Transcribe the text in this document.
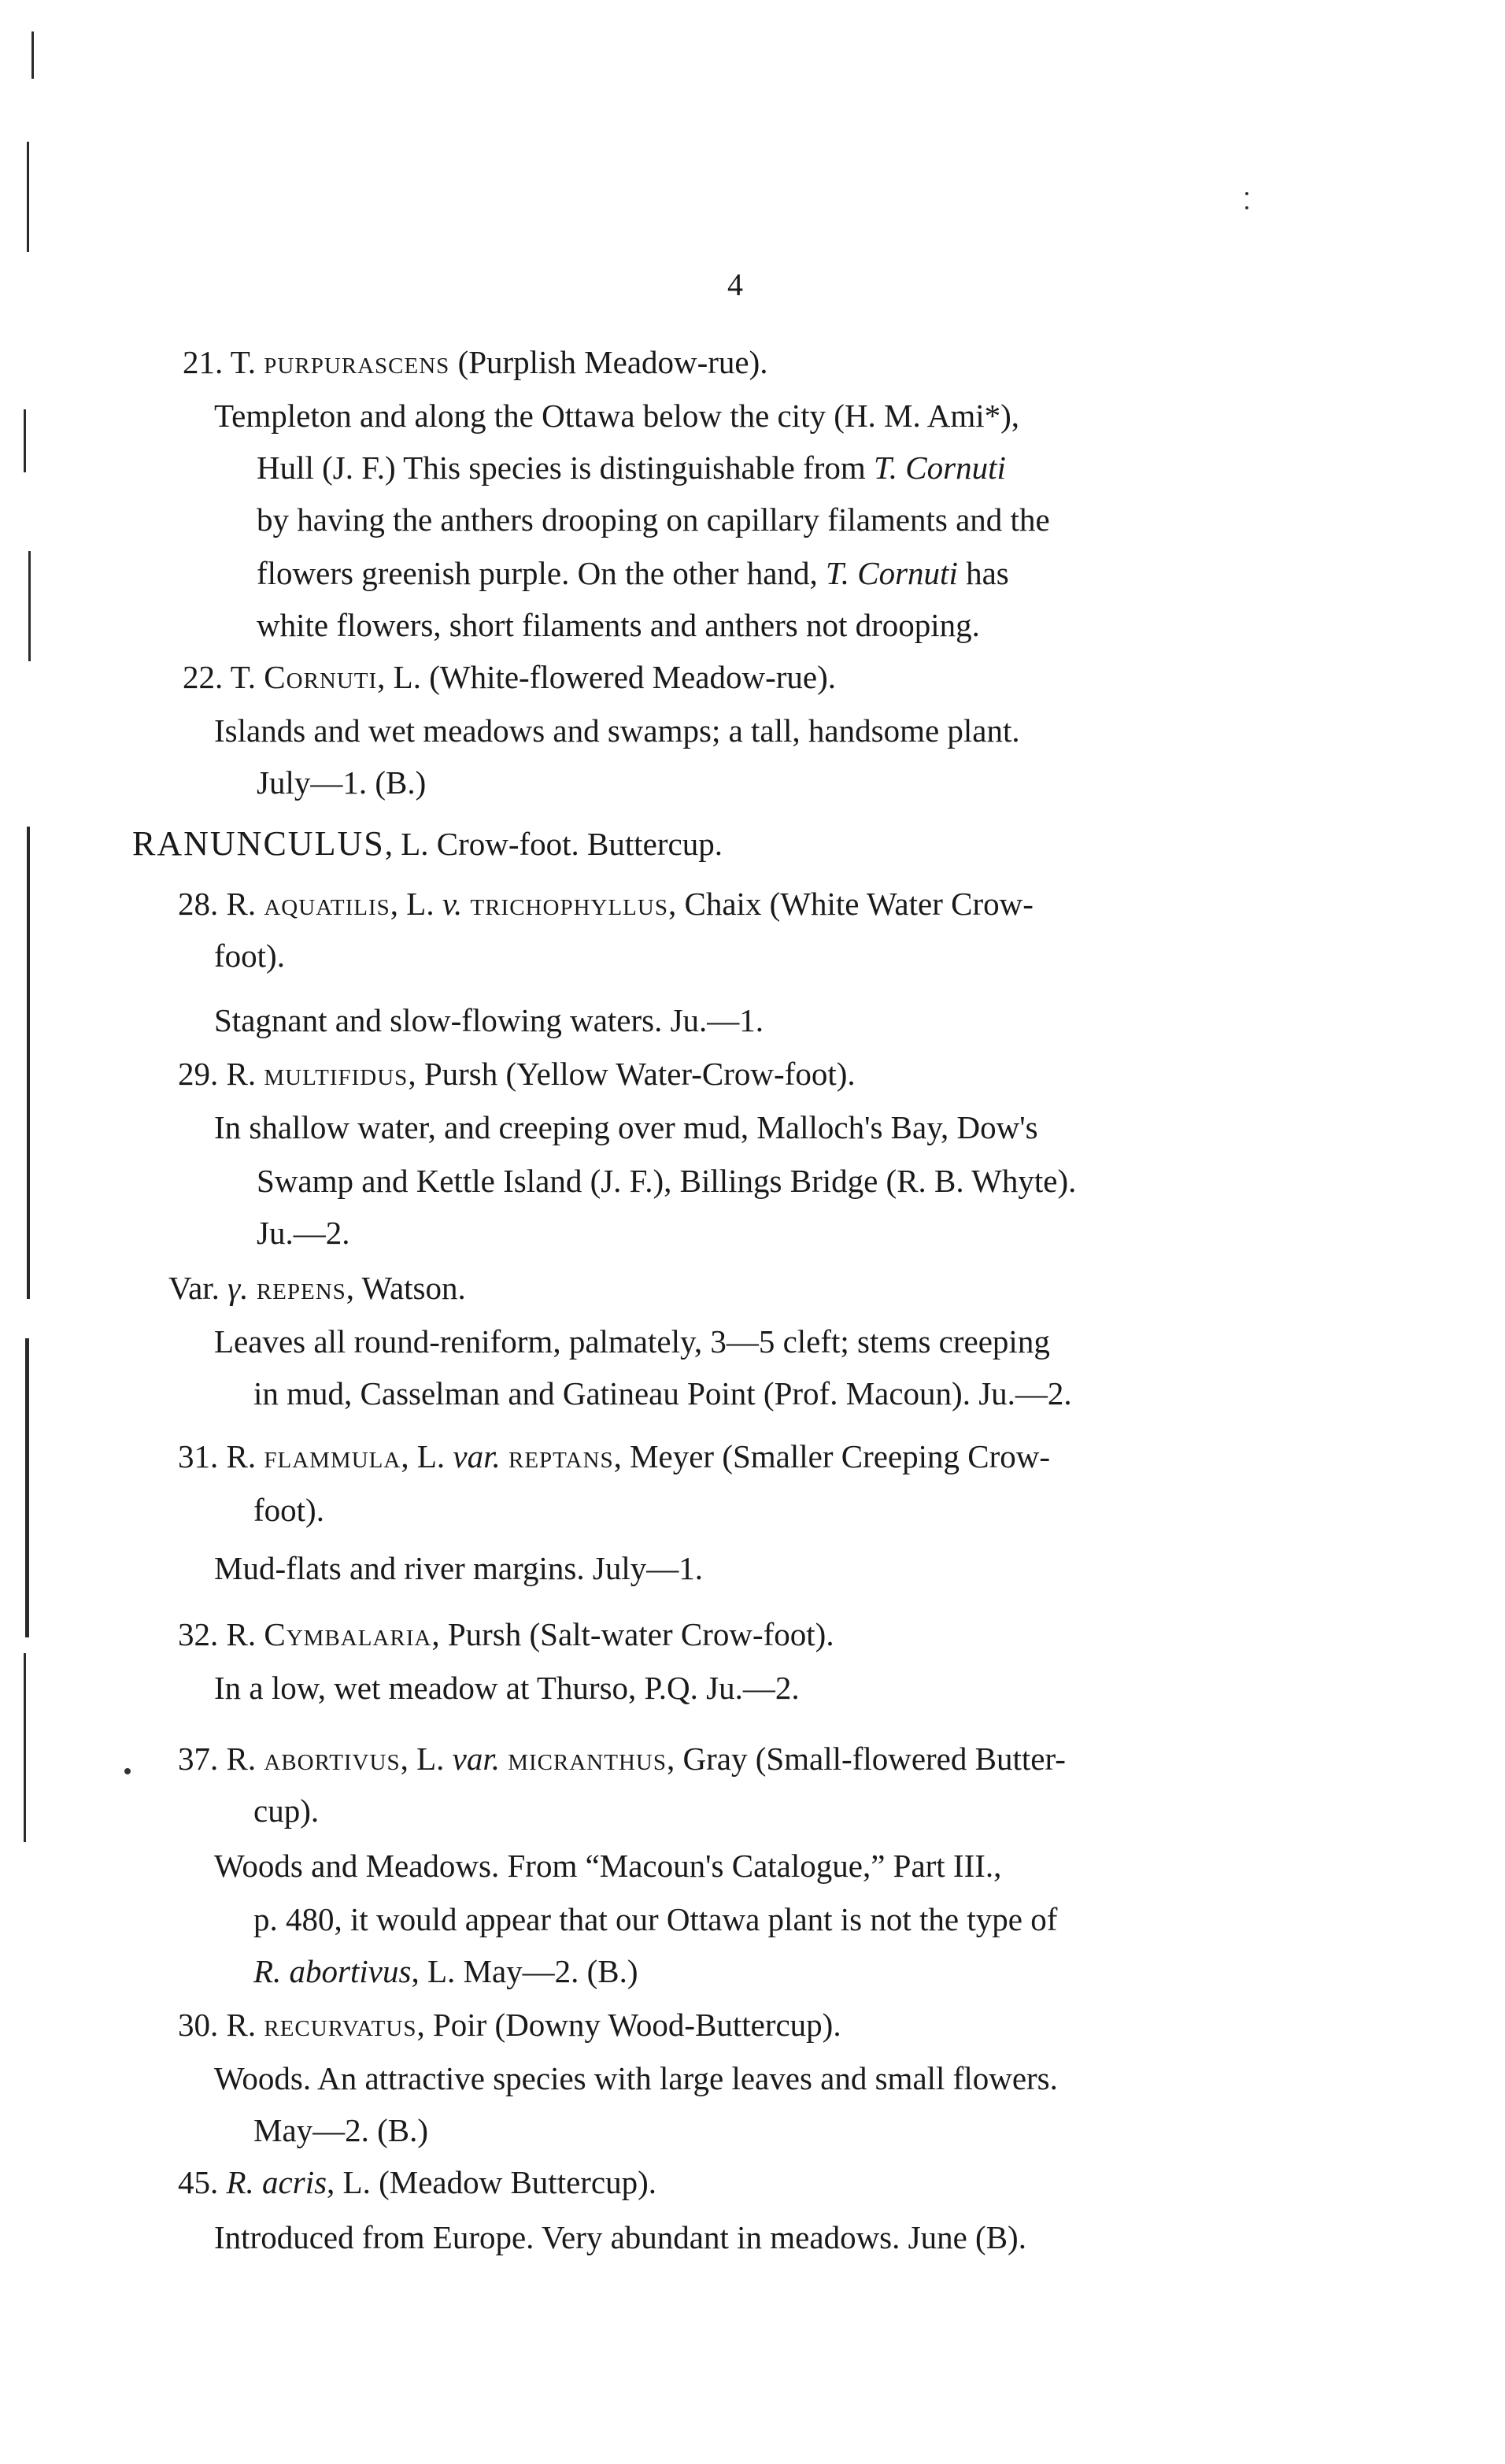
4
21. T. purpurascens (Purplish Meadow-rue).
Templeton and along the Ottawa below the city (H. M. Ami*),
Hull (J. F.) This species is distinguishable from T. Cornuti
by having the anthers drooping on capillary filaments and the
flowers greenish purple. On the other hand, T. Cornuti has
white flowers, short filaments and anthers not drooping.
22. T. Cornuti, L. (White-flowered Meadow-rue).
Islands and wet meadows and swamps; a tall, handsome plant.
July—1. (B.)
RANUNCULUS, L. Crow-foot. Buttercup.
28. R. aquatilis, L. v. trichophyllus, Chaix (White Water Crow-
foot).
Stagnant and slow-flowing waters. Ju.—1.
29. R. multifidus, Pursh (Yellow Water-Crow-foot).
In shallow water, and creeping over mud, Malloch's Bay, Dow's
Swamp and Kettle Island (J. F.), Billings Bridge (R. B. Whyte).
Ju.—2.
Var. γ. repens, Watson.
Leaves all round-reniform, palmately, 3—5 cleft; stems creeping
in mud, Casselman and Gatineau Point (Prof. Macoun). Ju.—2.
31. R. flammula, L. var. reptans, Meyer (Smaller Creeping Crow-
foot).
Mud-flats and river margins. July—1.
32. R. Cymbalaria, Pursh (Salt-water Crow-foot).
In a low, wet meadow at Thurso, P.Q. Ju.—2.
37. R. abortivus, L. var. micranthus, Gray (Small-flowered Butter-
cup).
Woods and Meadows. From “Macoun's Catalogue,” Part III.,
p. 480, it would appear that our Ottawa plant is not the type of
R. abortivus, L. May—2. (B.)
30. R. recurvatus, Poir (Downy Wood-Buttercup).
Woods. An attractive species with large leaves and small flowers.
May—2. (B.)
45. R. acris, L. (Meadow Buttercup).
Introduced from Europe. Very abundant in meadows. June (B).
